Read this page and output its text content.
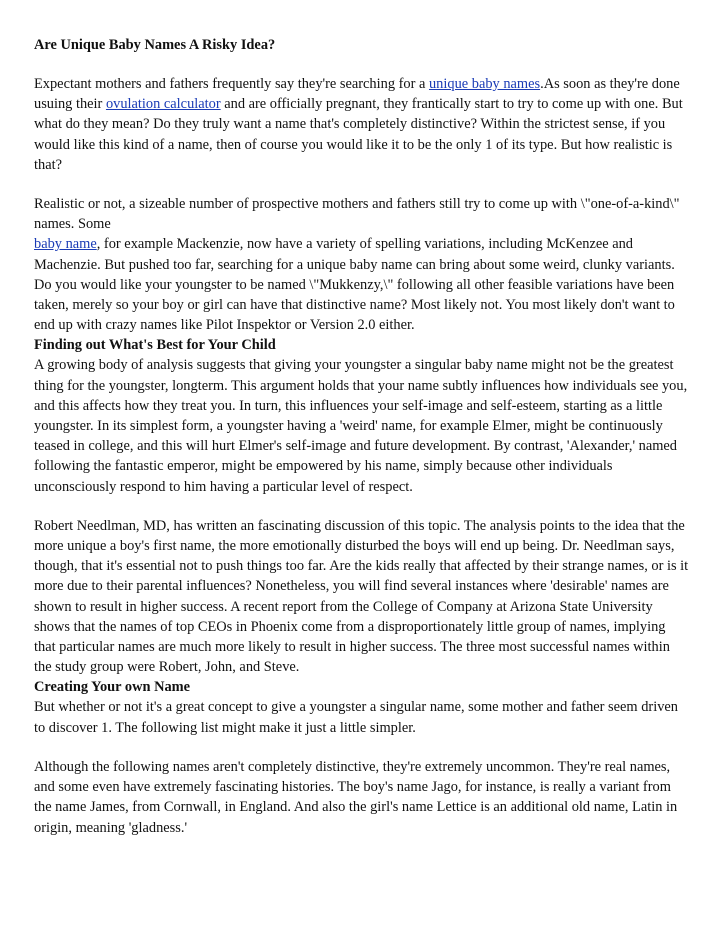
Are Unique Baby Names A Risky Idea?

Expectant mothers and fathers frequently say they're searching for a unique baby names.As soon as they're done usuing their ovulation calculator and are officially pregnant, they frantically start to try to come up with one. But what do they mean? Do they truly want a name that's completely distinctive? Within the strictest sense, if you would like this kind of a name, then of course you would like it to be the only 1 of its type. But how realistic is that?

Realistic or not, a sizeable number of prospective mothers and fathers still try to come up with \"one-of-a-kind\" names. Some
baby name, for example Mackenzie, now have a variety of spelling variations, including McKenzee and Machenzie. But pushed too far, searching for a unique baby name can bring about some weird, clunky variants. Do you would like your youngster to be named \"Mukkenzy,\" following all other feasible variations have been taken, merely so your boy or girl can have that distinctive name? Most likely not. You most likely don't want to end up with crazy names like Pilot Inspektor or Version 2.0 either.

Finding out What's Best for Your Child

A growing body of analysis suggests that giving your youngster a singular baby name might not be the greatest thing for the youngster, longterm. This argument holds that your name subtly influences how individuals see you, and this affects how they treat you. In turn, this influences your self-image and self-esteem, starting as a little youngster. In its simplest form, a youngster having a 'weird' name, for example Elmer, might be continuously teased in college, and this will hurt Elmer's self-image and future development. By contrast, 'Alexander,' named following the fantastic emperor, might be empowered by his name, simply because other individuals unconsciously respond to him having a particular level of respect.

Robert Needlman, MD, has written an fascinating discussion of this topic. The analysis points to the idea that the more unique a boy's first name, the more emotionally disturbed the boys will end up being. Dr. Needlman says, though, that it's essential not to push things too far. Are the kids really that affected by their strange names, or is it more due to their parental influences? Nonetheless, you will find several instances where 'desirable' names are shown to result in higher success. A recent report from the College of Company at Arizona State University shows that the names of top CEOs in Phoenix come from a disproportionately little group of names, implying that particular names are much more likely to result in higher success. The three most successful names within the study group were Robert, John, and Steve.

Creating Your own Name

But whether or not it's a great concept to give a youngster a singular name, some mother and father seem driven to discover 1. The following list might make it just a little simpler.

Although the following names aren't completely distinctive, they're extremely uncommon. They're real names, and some even have extremely fascinating histories. The boy's name Jago, for instance, is really a variant from the name James, from Cornwall, in England. And also the girl's name Lettice is an additional old name, Latin in origin, meaning 'gladness.'
